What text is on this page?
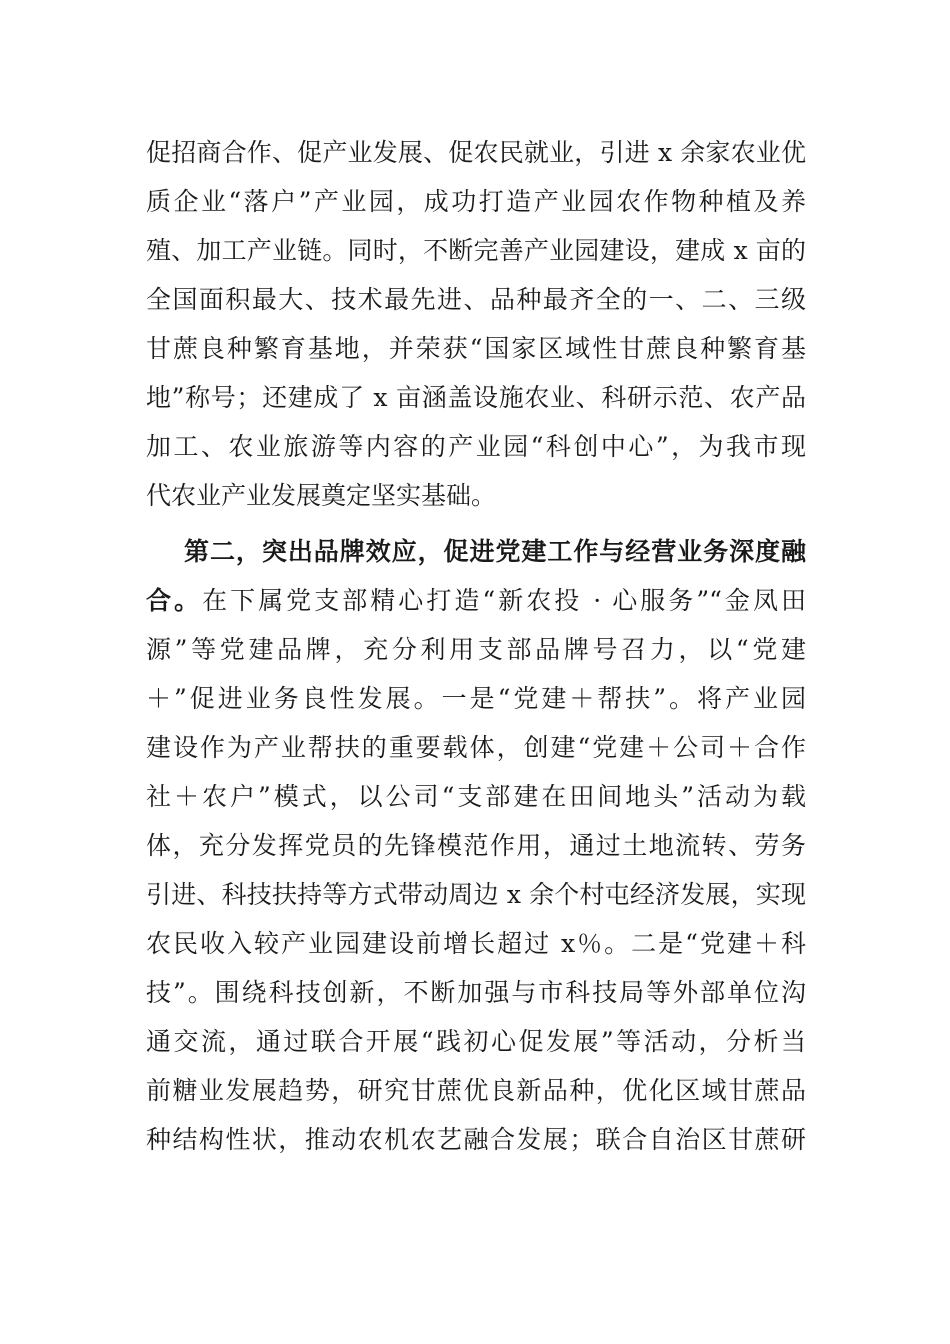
促招商合作、促产业发展、促农民就业，引进 x 余家农业优
质企业“落户”产业园，成功打造产业园农作物种植及养
殖、加工产业链。同时，不断完善产业园建设，建成 x 亩的
全国面积最大、技术最先进、品种最齐全的一、二、三级
甘蔗良种繁育基地，并荣获“国家区域性甘蔗良种繁育基
地”称号；还建成了 x 亩涵盖设施农业、科研示范、农产品
加工、农业旅游等内容的产业园“科创中心”，为我市现
代农业产业发展奠定坚实基础。
第二，突出品牌效应，促进党建工作与经营业务深度融
合。在下属党支部精心打造“新农投 · 心服务”“金凤田
源”等党建品牌，充分利用支部品牌号召力，以“党建
＋”促进业务良性发展。一是“党建＋帮扶”。将产业园
建设作为产业帮扶的重要载体，创建“党建＋公司＋合作
社＋农户”模式，以公司“支部建在田间地头”活动为载
体，充分发挥党员的先锋模范作用，通过土地流转、劳务
引进、科技扶持等方式带动周边 x 余个村屯经济发展，实现
农民收入较产业园建设前增长超过 x％。二是“党建＋科
技”。围绕科技创新，不断加强与市科技局等外部单位沟
通交流，通过联合开展“践初心促发展”等活动，分析当
前糖业发展趋势，研究甘蔗优良新品种，优化区域甘蔗品
种结构性状，推动农机农艺融合发展；联合自治区甘蔗研
